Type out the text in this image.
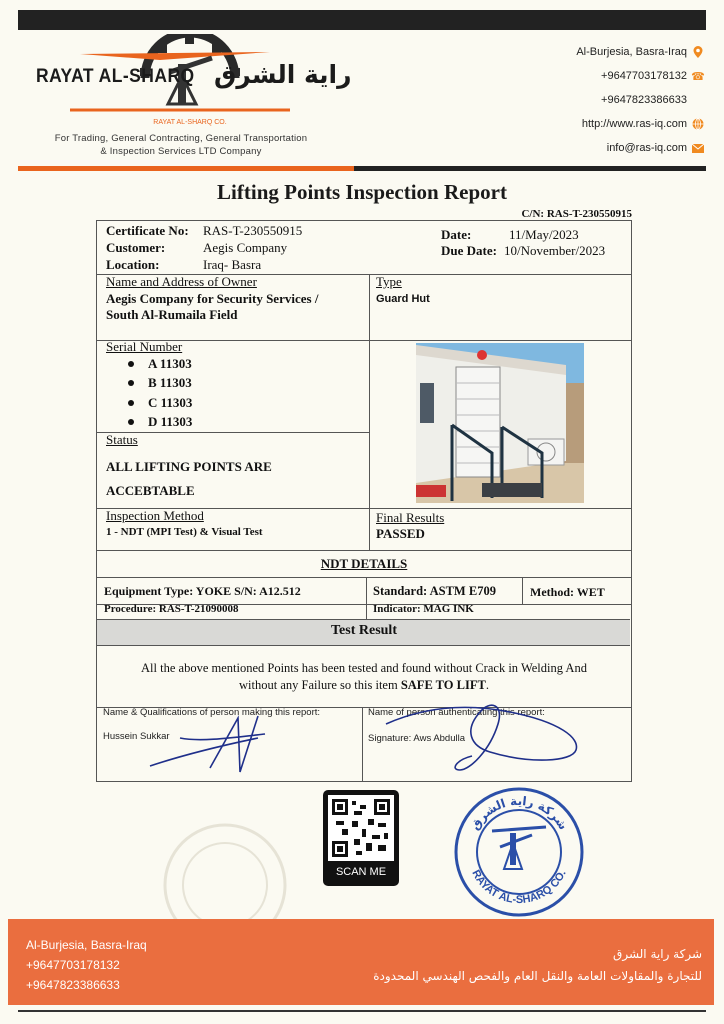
RAYAT AL-SHARQ CO.
RAYAT AL-SHARQ راية الشرق
For Trading, General Contracting, General Transportation
& Inspection Services LTD Company
Al-Burjesia, Basra-Iraq
+9647703178132 ☎
+9647823386633
http://www.ras-iq.com
info@ras-iq.com
Lifting Points Inspection Report
C/N: RAS-T-230550915
Certificate No: RAS-T-230550915
Customer:	Aegis Company
Location:	Iraq- Basra
Date:	11/May/2023
Due Date: 10/November/2023
Name and Address of Owner
Aegis Company for Security Services /
South Al-Rumaila Field
Type
Guard Hut
Serial Number
A 11303
B 11303
C 11303
D 11303
Status
ALL LIFTING POINTS ARE
ACCEBTABLE
Inspection Method
1 - NDT (MPI Test) & Visual Test
Final Results
PASSED
NDT DETAILS
Equipment Type: YOKE S/N: A12.512	Standard: ASTM E709	Method: WET
Procedure: RAS-T-21090008	Indicator: MAG INK
Test Result
All the above mentioned Points has been tested and found without Crack in Welding And
without any Failure so this item SAFE TO LIFT.
Name & Qualifications of person making this report:
Hussein Sukkar
Name of person authenticating this report:
Signature: Aws Abdulla
SCAN ME
شركة راية الشرق
RAYAT AL-SHARQ CO.
Al-Burjesia, Basra-Iraq
+9647703178132
+9647823386633
شركة راية الشرق
للتجارة والمقاولات العامة والنقل العام والفحص الهندسي المحدودة
